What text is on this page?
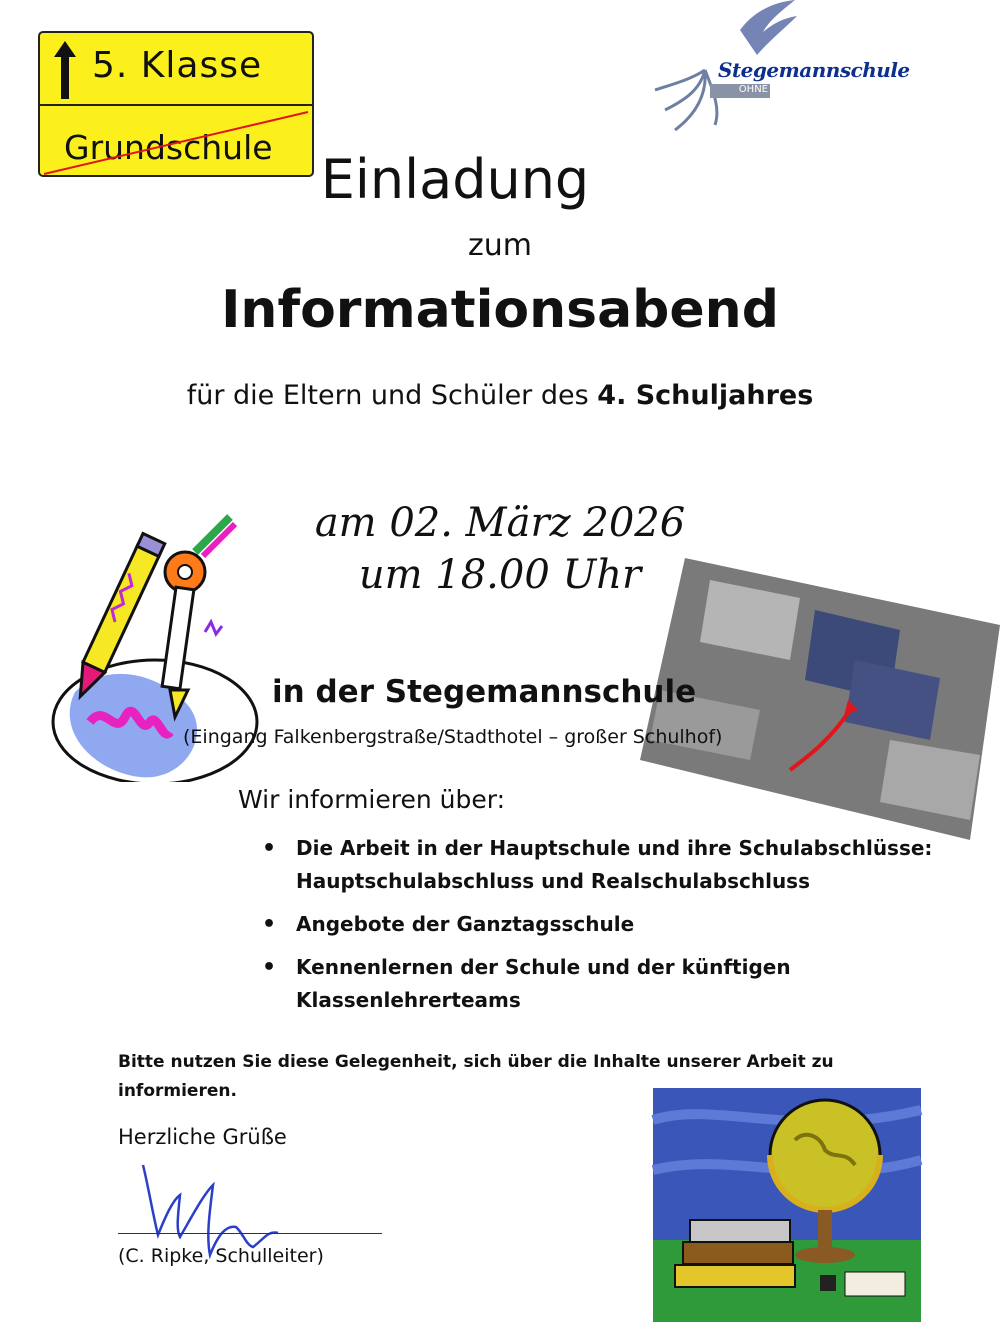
5. Klasse
Grundschule
Stegemannschule
OHNE
Einladung
zum
Informationsabend
für die Eltern und Schüler des 4. Schuljahres
am 02. März 2026
um 18.00 Uhr
in der Stegemannschule
(Eingang Falkenbergstraße/Stadthotel – großer Schulhof)
Wir informieren über:
• Die Arbeit in der Hauptschule und ihre Schulabschlüsse: Hauptschulabschluss und Realschulabschluss
• Angebote der Ganztagsschule
• Kennenlernen der Schule und der künftigen Klassenlehrerteams
Bitte nutzen Sie diese Gelegenheit, sich über die Inhalte unserer Arbeit zu informieren.
Herzliche Grüße
(C. Ripke, Schulleiter)
